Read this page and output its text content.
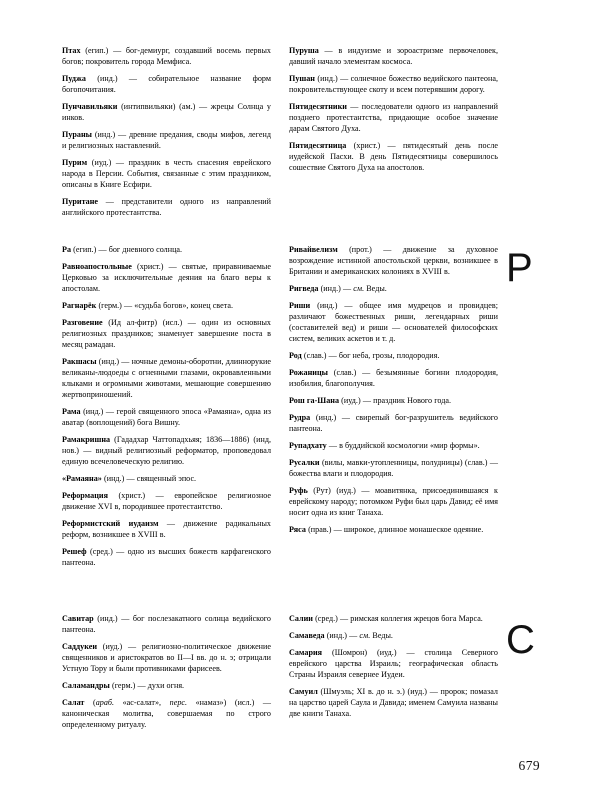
Птах (егип.) — бог-демиург, создавший восемь первых богов; покровитель города Мемфиса.

Пуджа (инд.) — собирательное название форм богопочитания.

Пунчавильяки (интипвильяки) (ам.) — жрецы Солнца у инков.

Пураны (инд.) — древние предания, своды мифов, легенд и религиозных наставлений.

Пурим (иуд.) — праздник в честь спасения еврейского народа в Персии. События, связанные с этим праздником, описаны в Книге Есфири.

Пуритане — представители одного из направлений английского протестантства.

Пуруша — в индуизме и зороастризме первочеловек, давший начало элементам космоса.

Пушан (инд.) — солнечное божество ведийского пантеона, покровительствующее скоту и всем потерявшим дорогу.

Пятидесятники — последователи одного из направлений позднего протестантства, придающие особое значение дарам Святого Духа.

Пятидесятница (христ.) — пятидесятый день после иудейской Пасхи. В день Пятидесятницы совершилось сошествие Святого Духа на апостолов.

Ра (егип.) — бог дневного солнца.

Равноапостольные (христ.) — святые, приравниваемые Церковью за исключительные деяния на благо веры к апостолам.

Рагнарёк (герм.) — «судьба богов», конец света.

Разговение (Ид ал-фитр) (исл.) — один из основных религиозных праздников; знаменует завершение поста в месяц рамадан.

Ракшасы (инд.) — ночные демоны-оборотни, длиннорукие великаны-людоеды с огненными глазами, окровавленными клыками и огромными животами, мешающие совершению жертвоприношений.

Рама (инд.) — герой священного эпоса «Рамаяна», одна из аватар (воплощений) бога Вишну.

Рамакришна (Гададхар Чаттопадхьяя; 1836—1886) (инд, нов.) — видный религиозный реформатор, проповедовал единую всечеловеческую религию.

«Рамаяна» (инд.) — священный эпос.

Реформация (христ.) — европейское религиозное движение XVI в, породившее протестантство.

Реформистский иудаизм — движение радикальных реформ, возникшее в XVIII в.

Решеф (сред.) — одно из высших божеств карфагенского пантеона.

Ривайвелизм (прот.) — движение за духовное возрождение истинной апостольской церкви, возникшее в Британии и американских колониях в XVIII в.

Ригведа (инд.) — см. Веды.

Риши (инд.) — общее имя мудрецов и провидцев; различают божественных риши, легендарных риши (составителей вед) и риши — основателей философских систем, великих аскетов и т. д.

Род (слав.) — бог неба, грозы, плодородия.

Рожаницы (слав.) — безымянные богини плодородия, изобилия, благополучия.

Рош га-Шана (иуд.) — праздник Нового года.

Рудра (инд.) — свирепый бог-разрушитель ведийского пантеона.

Рупадхату — в буддийской космологии «мир формы».

Русалки (вилы, мавки-утопленницы, полудницы) (слав.) — божества влаги и плодородия.

Руфь (Рут) (иуд.) — моавитянка, присоединившаяся к еврейскому народу; потомком Руфи был царь Давид; её имя носит одна из книг Танаха.

Ряса (прав.) — широкое, длинное монашеское одеяние.

Савитар (инд.) — бог послезакатного солнца ведийского пантеона.

Саддукеи (иуд.) — религиозно-политическое движение священников и аристократов во II—I вв. до н. э; отрицали Устную Тору и были противниками фарисеев.

Саламандры (герм.) — духи огня.

Салат (араб. «ас-салат», перс. «намаз») (исл.) — каноническая молитва, совершаемая по строго определенному ритуалу.

Салии (сред.) — римская коллегия жрецов бога Марса.

Самаведа (инд.) — см. Веды.

Самария (Шомрон) (иуд.) — столица Северного еврейского царства Израиль; географическая область Страны Израиля севернее Иудеи.

Самуил (Шмуэль; XI в. до н. э.) (иуд.) — пророк; помазал на царство царей Саула и Давида; именем Самуила названы две книги Танаха.

Р
С
679
